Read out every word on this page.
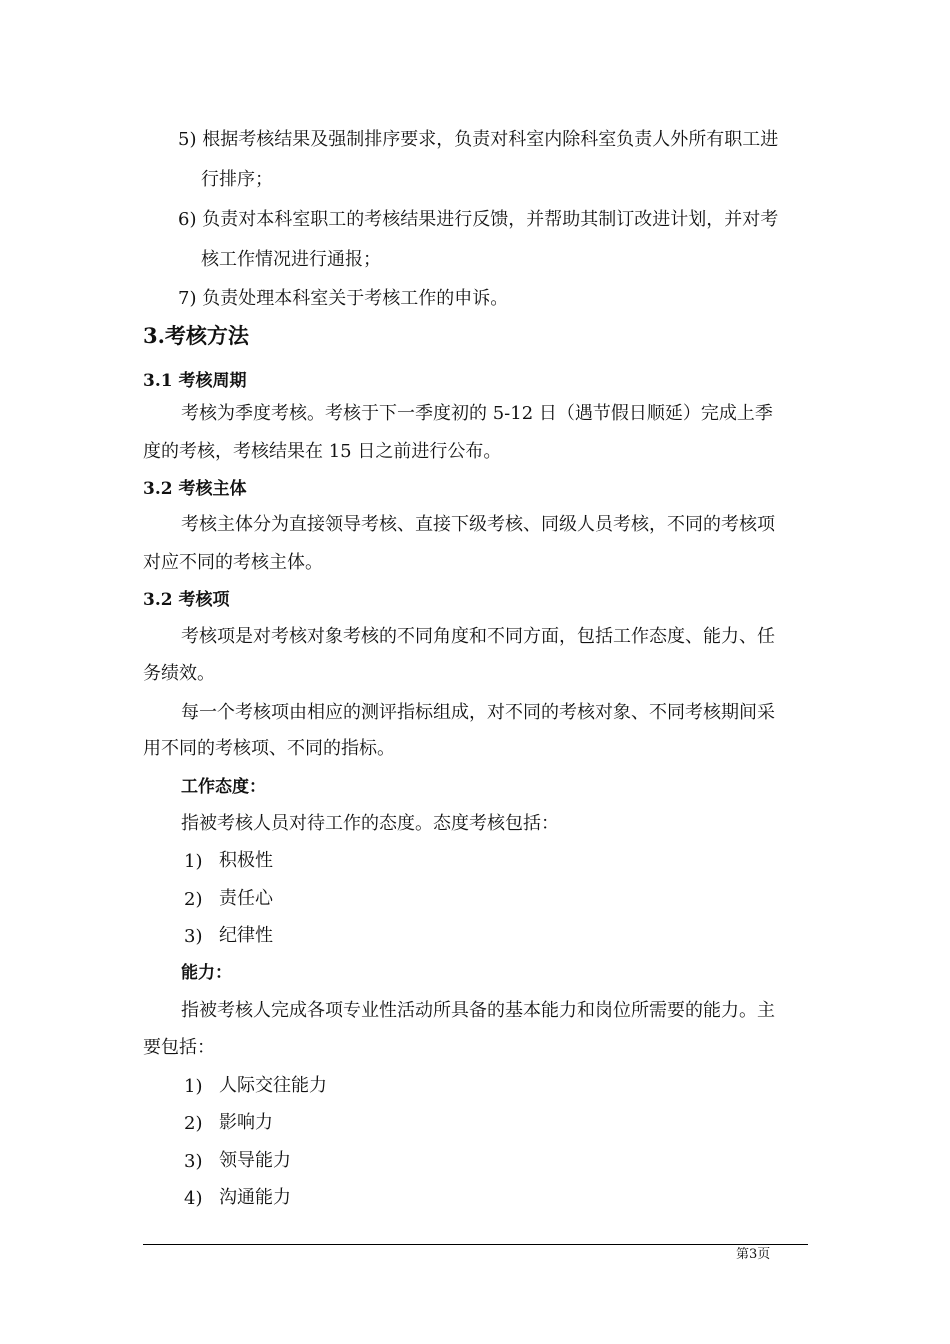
5) 根据考核结果及强制排序要求，负责对科室内除科室负责人外所有职工进
行排序；
6) 负责对本科室职工的考核结果进行反馈，并帮助其制订改进计划，并对考
核工作情况进行通报；
7) 负责处理本科室关于考核工作的申诉。
3.考核方法
3.1 考核周期
考核为季度考核。考核于下一季度初的 5-12 日（遇节假日顺延）完成上季
度的考核，考核结果在 15 日之前进行公布。
3.2 考核主体
考核主体分为直接领导考核、直接下级考核、同级人员考核，不同的考核项
对应不同的考核主体。
3.2 考核项
考核项是对考核对象考核的不同角度和不同方面，包括工作态度、能力、任
务绩效。
每一个考核项由相应的测评指标组成，对不同的考核对象、不同考核期间采
用不同的考核项、不同的指标。
工作态度：
指被考核人员对待工作的态度。态度考核包括：
1) 积极性
2) 责任心
3) 纪律性
能力：
指被考核人完成各项专业性活动所具备的基本能力和岗位所需要的能力。主
要包括：
1) 人际交往能力
2) 影响力
3) 领导能力
4) 沟通能力
第3页
